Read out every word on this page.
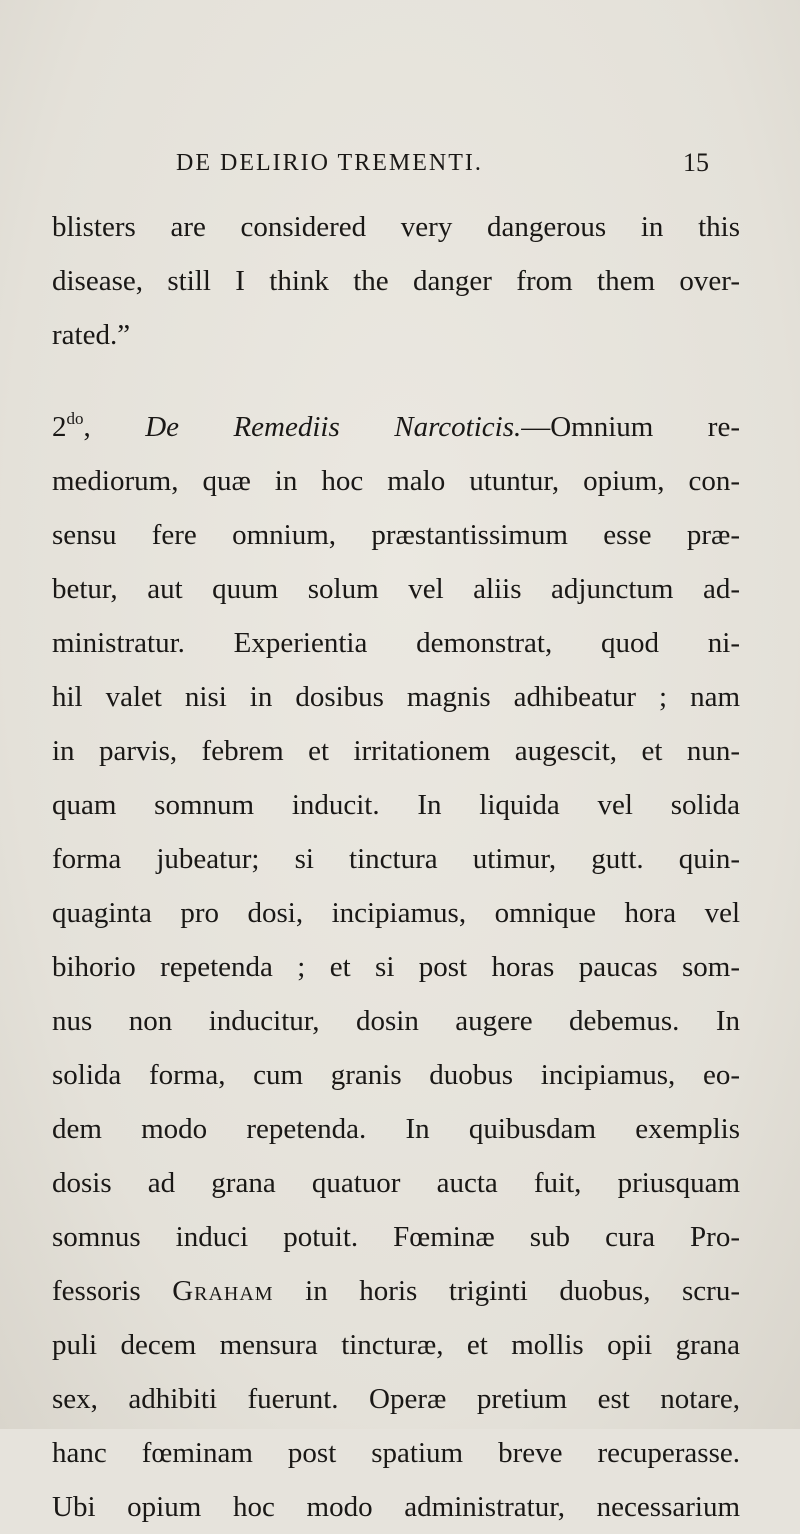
DE DELIRIO TREMENTI.	15
blisters are considered very dangerous in this
disease, still I think the danger from them over-
rated.”
$2^{do}$, De Remediis Narcoticis.—Omnium re-
mediorum, quæ in hoc malo utuntur, opium, con-
sensu fere omnium, præstantissimum esse præ-
betur, aut quum solum vel aliis adjunctum ad-
ministratur. Experientia demonstrat, quod ni-
hil valet nisi in dosibus magnis adhibeatur ; nam
in parvis, febrem et irritationem augescit, et nun-
quam somnum inducit. In liquida vel solida
forma jubeatur; si tinctura utimur, gutt. quin-
quaginta pro dosi, incipiamus, omnique hora vel
bihorio repetenda ; et si post horas paucas som-
nus non inducitur, dosin augere debemus. In
solida forma, cum granis duobus incipiamus, eo-
dem modo repetenda. In quibusdam exemplis
dosis ad grana quatuor aucta fuit, priusquam
somnus induci potuit. Fœminæ sub cura Pro-
fessoris Graham in horis triginti duobus, scru-
puli decem mensura tincturæ, et mollis opii grana
sex, adhibiti fuerunt. Operæ pretium est notare,
hanc fœminam post spatium breve recuperasse.
Ubi opium hoc modo administratur, necessarium
